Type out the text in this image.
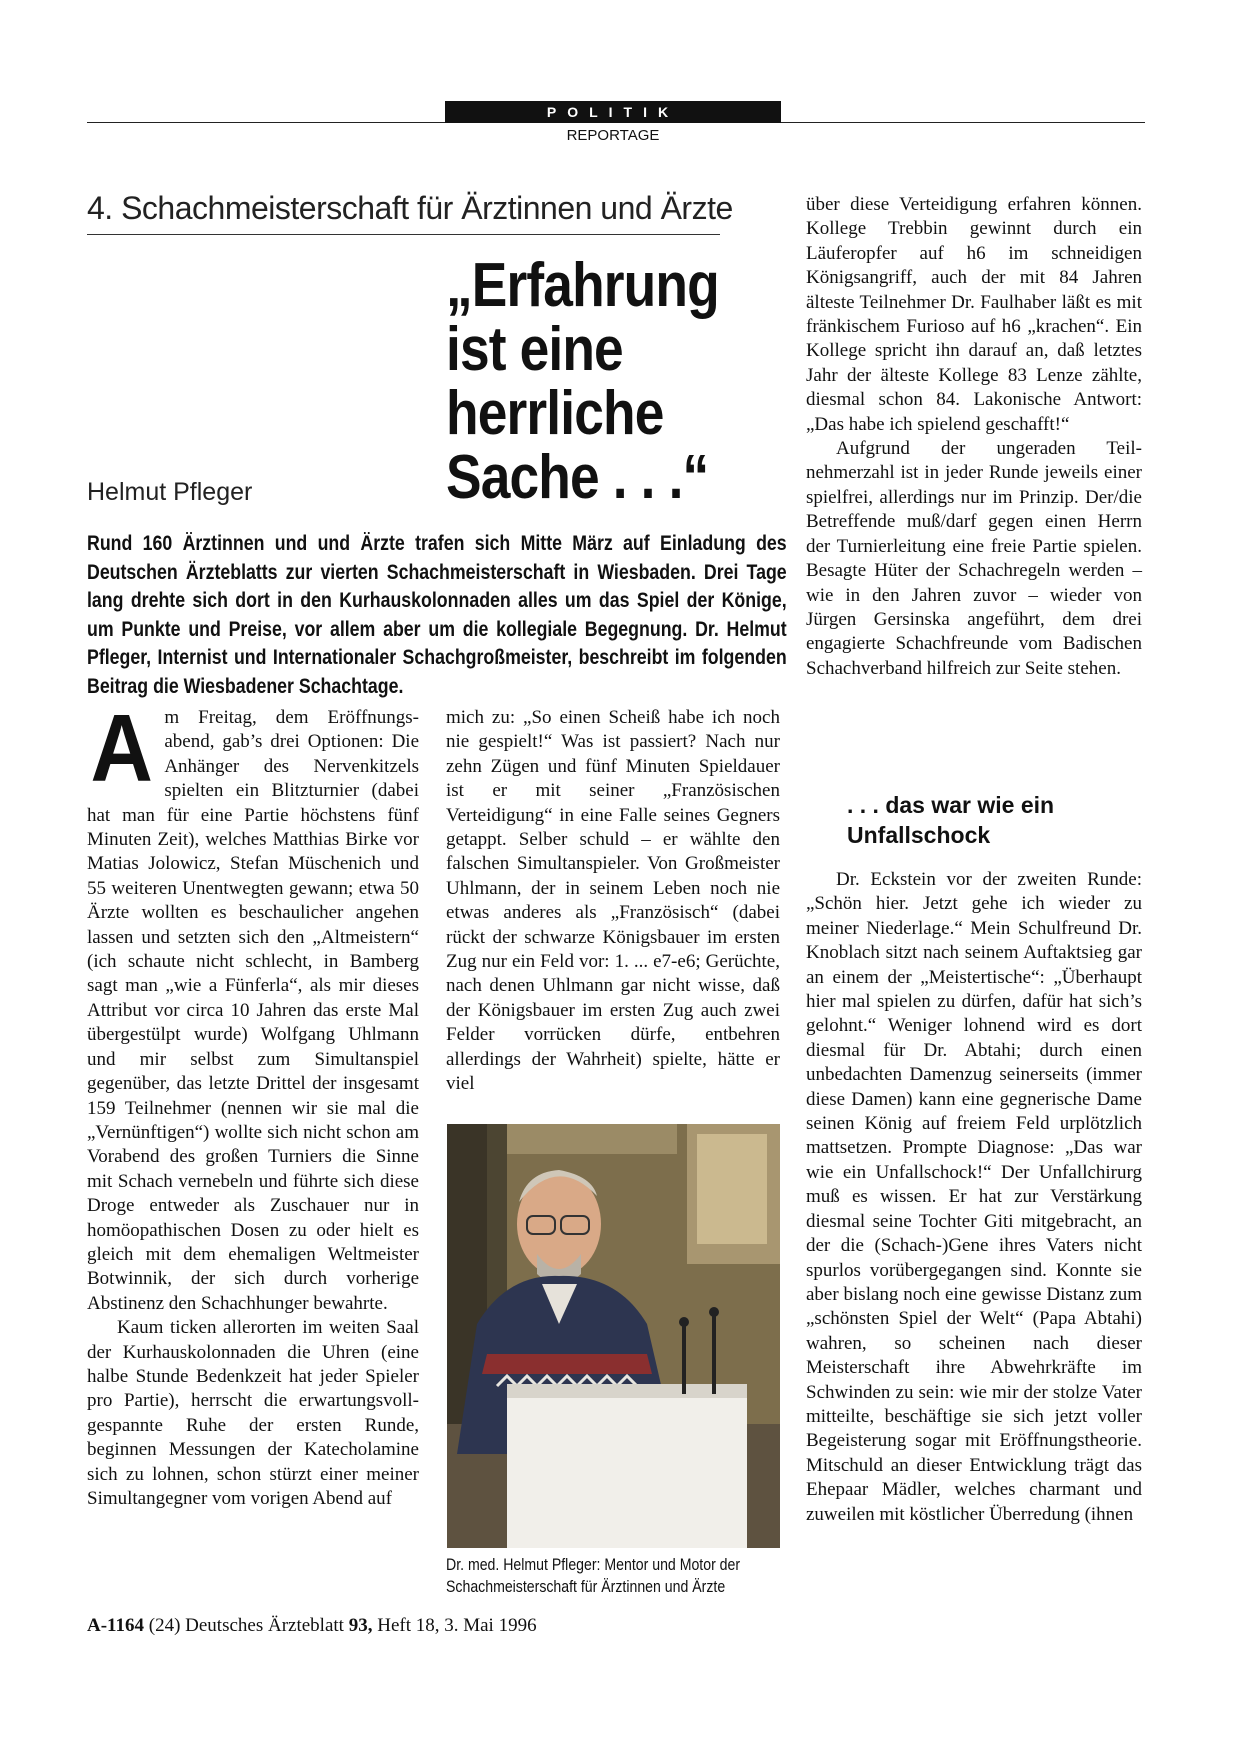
POLITIK
REPORTAGE
4. Schachmeisterschaft für Ärztinnen und Ärzte
„Erfahrung
ist eine
herrliche
Sache . . .“
Helmut Pfleger
Rund 160 Ärztinnen und und Ärzte trafen sich Mitte März auf Einladung des Deutschen Ärzteblatts zur vierten Schachmeisterschaft in Wiesbaden. Drei Tage lang drehte sich dort in den Kurhauskolonnaden alles um das Spiel der Könige, um Punkte und Preise, vor allem aber um die kollegiale Begegnung. Dr. Helmut Pfleger, Internist und Internationaler Schachgroßmeister, beschreibt im folgenden Beitrag die Wiesbadener Schachtage.
A m Freitag, dem Eröffnungsabend, gab’s drei Optionen: Die Anhänger des Nervenkitzels spielten ein Blitzturnier (dabei hat man für eine Partie höchstens fünf Minuten Zeit), welches Matthias Birke vor Matias Jolowicz, Stefan Müschenich und 55 weiteren Unentwegten gewann; etwa 50 Ärzte wollten es beschaulicher angehen lassen und setzten sich den „Altmeistern“ (ich schaute nicht schlecht, in Bamberg sagt man „wie a Fünferla“, als mir dieses Attribut vor circa 10 Jahren das erste Mal übergestülpt wurde) Wolfgang Uhlmann und mir selbst zum Simultanspiel gegenüber, das letzte Drittel der insgesamt 159 Teilnehmer (nennen wir sie mal die „Vernünftigen“) wollte sich nicht schon am Vorabend des großen Turniers die Sinne mit Schach vernebeln und führte sich diese Droge entweder als Zuschauer nur in homöopathischen Dosen zu oder hielt es gleich mit dem ehemaligen Weltmeister Botwinnik, der sich durch vorherige Abstinenz den Schachhunger bewahrte.

Kaum ticken allerorten im weiten Saal der Kurhauskolonnaden die Uhren (eine halbe Stunde Bedenkzeit hat jeder Spieler pro Partie), herrscht die erwartungsvoll-gespannte Ruhe der ersten Runde, beginnen Messungen der Katecholamine sich zu lohnen, schon stürzt einer meiner Simultangegner vom vorigen Abend auf

mich zu: „So einen Scheiß habe ich noch nie gespielt!“ Was ist passiert? Nach nur zehn Zügen und fünf Minuten Spieldauer ist er mit seiner „Französischen Verteidigung“ in eine Falle seines Gegners getappt. Selber schuld – er wählte den falschen Simultanspieler. Von Großmeister Uhlmann, der in seinem Leben noch nie etwas anderes als „Französisch“ (dabei rückt der schwarze Königsbauer im ersten Zug nur ein Feld vor: 1. ... e7-e6; Gerüchte, nach denen Uhlmann gar nicht wisse, daß der Königsbauer im ersten Zug auch zwei Felder vorrücken dürfe, entbehren allerdings der Wahrheit) spielte, hätte er viel

Dr. med. Helmut Pfleger: Mentor und Motor der Schachmeisterschaft für Ärztinnen und Ärzte

über diese Verteidigung erfahren können. Kollege Trebbin gewinnt durch ein Läuferopfer auf h6 im schneidigen Königsangriff, auch der mit 84 Jahren älteste Teilnehmer Dr. Faulhaber läßt es mit fränkischem Furioso auf h6 „krachen“. Ein Kollege spricht ihn darauf an, daß letztes Jahr der älteste Kollege 83 Lenze zählte, diesmal schon 84. Lakonische Antwort: „Das habe ich spielend geschafft!“

Aufgrund der ungeraden Teilnehmerzahl ist in jeder Runde jeweils einer spielfrei, allerdings nur im Prinzip. Der/die Betreffende muß/darf gegen einen Herrn der Turnierleitung eine freie Partie spielen. Besagte Hüter der Schachregeln werden – wie in den Jahren zuvor – wieder von Jürgen Gersinska angeführt, dem drei engagierte Schachfreunde vom Badischen Schachverband hilfreich zur Seite stehen.

. . . das war wie ein Unfallschock

Dr. Eckstein vor der zweiten Runde: „Schön hier. Jetzt gehe ich wieder zu meiner Niederlage.“ Mein Schulfreund Dr. Knoblach sitzt nach seinem Auftaktsieg gar an einem der „Meistertische“: „Überhaupt hier mal spielen zu dürfen, dafür hat sich’s gelohnt.“ Weniger lohnend wird es dort diesmal für Dr. Abtahi; durch einen unbedachten Damenzug seinerseits (immer diese Damen) kann eine gegnerische Dame seinen König auf freiem Feld urplötzlich mattsetzen. Prompte Diagnose: „Das war wie ein Unfallschock!“ Der Unfallchirurg muß es wissen. Er hat zur Verstärkung diesmal seine Tochter Giti mitgebracht, an der die (Schach-)Gene ihres Vaters nicht spurlos vorübergegangen sind. Konnte sie aber bislang noch eine gewisse Distanz zum „schönsten Spiel der Welt“ (Papa Abtahi) wahren, so scheinen nach dieser Meisterschaft ihre Abwehrkräfte im Schwinden zu sein: wie mir der stolze Vater mitteilte, beschäftige sie sich jetzt voller Begeisterung sogar mit Eröffnungstheorie. Mitschuld an dieser Entwicklung trägt das Ehepaar Mädler, welches charmant und zuweilen mit köstlicher Überredung (ihnen

A-1164 (24) Deutsches Ärzteblatt 93, Heft 18, 3. Mai 1996
